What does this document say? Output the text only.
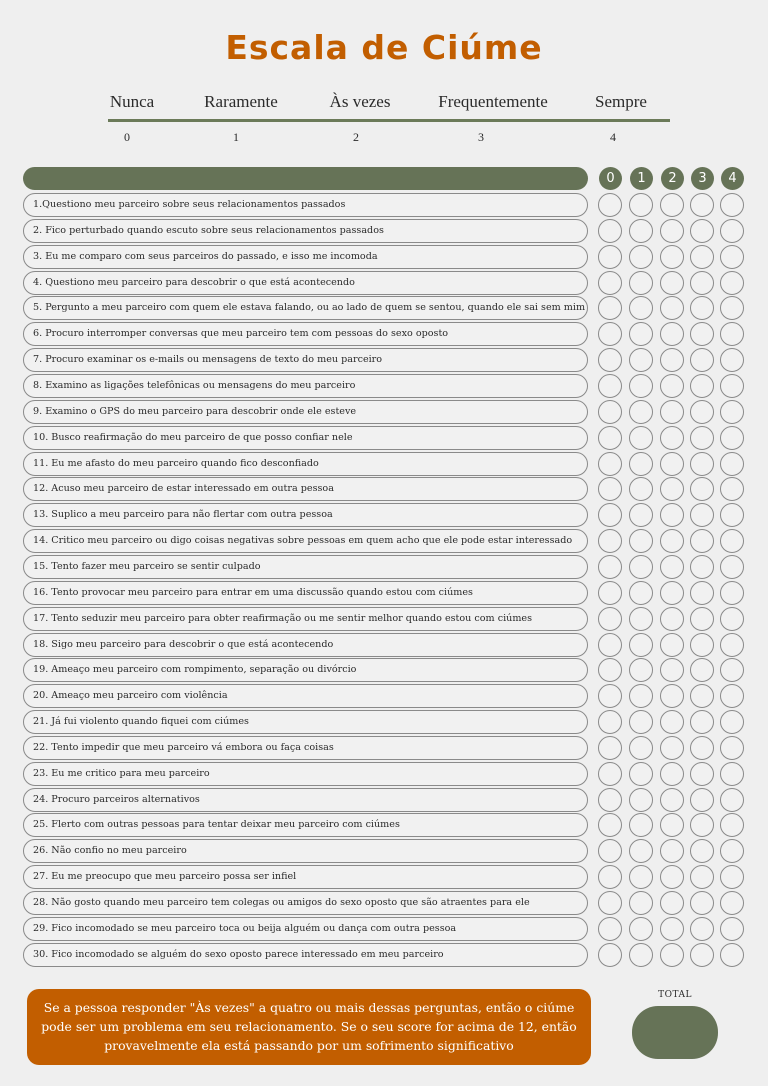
Escala de Ciúme
Nunca	Raramente	Às vezes	Frequentemente	Sempre
0	1	2	3	4
0	1	2	3	4
1.Questiono meu parceiro sobre seus relacionamentos passados
2. Fico perturbado quando escuto sobre seus relacionamentos passados
3. Eu me comparo com seus parceiros do passado, e isso me incomoda
4. Questiono meu parceiro para descobrir o que está acontecendo
5. Pergunto a meu parceiro com quem ele estava falando, ou ao lado de quem se sentou, quando ele sai sem mim
6. Procuro interromper conversas que meu parceiro tem com pessoas do sexo oposto
7. Procuro examinar os e-mails ou mensagens de texto do meu parceiro
8. Examino as ligações telefônicas ou mensagens do meu parceiro
9. Examino o GPS do meu parceiro para descobrir onde ele esteve
10. Busco reafirmação do meu parceiro de que posso confiar nele
11. Eu me afasto do meu parceiro quando fico desconfiado
12. Acuso meu parceiro de estar interessado em outra pessoa
13. Suplico a meu parceiro para não flertar com outra pessoa
14. Critico meu parceiro ou digo coisas negativas sobre pessoas em quem acho que ele pode estar interessado
15. Tento fazer meu parceiro se sentir culpado
16. Tento provocar meu parceiro para entrar em uma discussão quando estou com ciúmes
17. Tento seduzir meu parceiro para obter reafirmação ou me sentir melhor quando estou com ciúmes
18. Sigo meu parceiro para descobrir o que está acontecendo
19. Ameaço meu parceiro com rompimento, separação ou divórcio
20. Ameaço meu parceiro com violência
21. Já fui violento quando fiquei com ciúmes
22. Tento impedir que meu parceiro vá embora ou faça coisas
23. Eu me critico para meu parceiro
24. Procuro parceiros alternativos
25. Flerto com outras pessoas para tentar deixar meu parceiro com ciúmes
26. Não confio no meu parceiro
27. Eu me preocupo que meu parceiro possa ser infiel
28. Não gosto quando meu parceiro tem colegas ou amigos do sexo oposto que são atraentes para ele
29. Fico incomodado se meu parceiro toca ou beija alguém ou dança com outra pessoa
30. Fico incomodado se alguém do sexo oposto parece interessado em meu parceiro
Se a pessoa responder "Às vezes" a quatro ou mais dessas perguntas, então o ciúme pode ser um problema em seu relacionamento. Se o seu score for acima de 12, então provavelmente ela está passando por um sofrimento significativo
TOTAL
